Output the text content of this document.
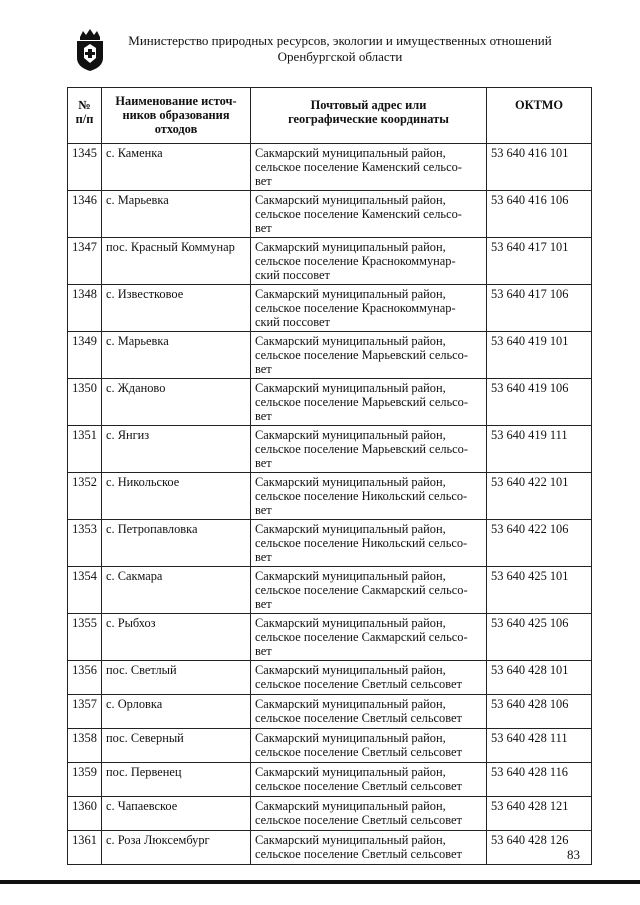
Министерство природных ресурсов, экологии и имущественных отношений
Оренбургской области
№
п/п	Наименование источ-
ников образования
отходов	Почтовый адрес или
географические координаты	ОКТМО
1345	с. Каменка	Сакмарский муниципальный район,
сельское поселение Каменский сельсо-
вет	53 640 416 101
1346	с. Марьевка	Сакмарский муниципальный район,
сельское поселение Каменский сельсо-
вет	53 640 416 106
1347	пос. Красный Коммунар	Сакмарский муниципальный район,
сельское поселение Краснокоммунар-
ский поссовет	53 640 417 101
1348	с. Известковое	Сакмарский муниципальный район,
сельское поселение Краснокоммунар-
ский поссовет	53 640 417 106
1349	с. Марьевка	Сакмарский муниципальный район,
сельское поселение Марьевский сельсо-
вет	53 640 419 101
1350	с. Жданово	Сакмарский муниципальный район,
сельское поселение Марьевский сельсо-
вет	53 640 419 106
1351	с. Янгиз	Сакмарский муниципальный район,
сельское поселение Марьевский сельсо-
вет	53 640 419 111
1352	с. Никольское	Сакмарский муниципальный район,
сельское поселение Никольский сельсо-
вет	53 640 422 101
1353	с. Петропавловка	Сакмарский муниципальный район,
сельское поселение Никольский сельсо-
вет	53 640 422 106
1354	с. Сакмара	Сакмарский муниципальный район,
сельское поселение Сакмарский сельсо-
вет	53 640 425 101
1355	с. Рыбхоз	Сакмарский муниципальный район,
сельское поселение Сакмарский сельсо-
вет	53 640 425 106
1356	пос. Светлый	Сакмарский муниципальный район,
сельское поселение Светлый сельсовет	53 640 428 101
1357	с. Орловка	Сакмарский муниципальный район,
сельское поселение Светлый сельсовет	53 640 428 106
1358	пос. Северный	Сакмарский муниципальный район,
сельское поселение Светлый сельсовет	53 640 428 111
1359	пос. Первенец	Сакмарский муниципальный район,
сельское поселение Светлый сельсовет	53 640 428 116
1360	с. Чапаевское	Сакмарский муниципальный район,
сельское поселение Светлый сельсовет	53 640 428 121
1361	с. Роза Люксембург	Сакмарский муниципальный район,
сельское поселение Светлый сельсовет	53 640 428 126
83
